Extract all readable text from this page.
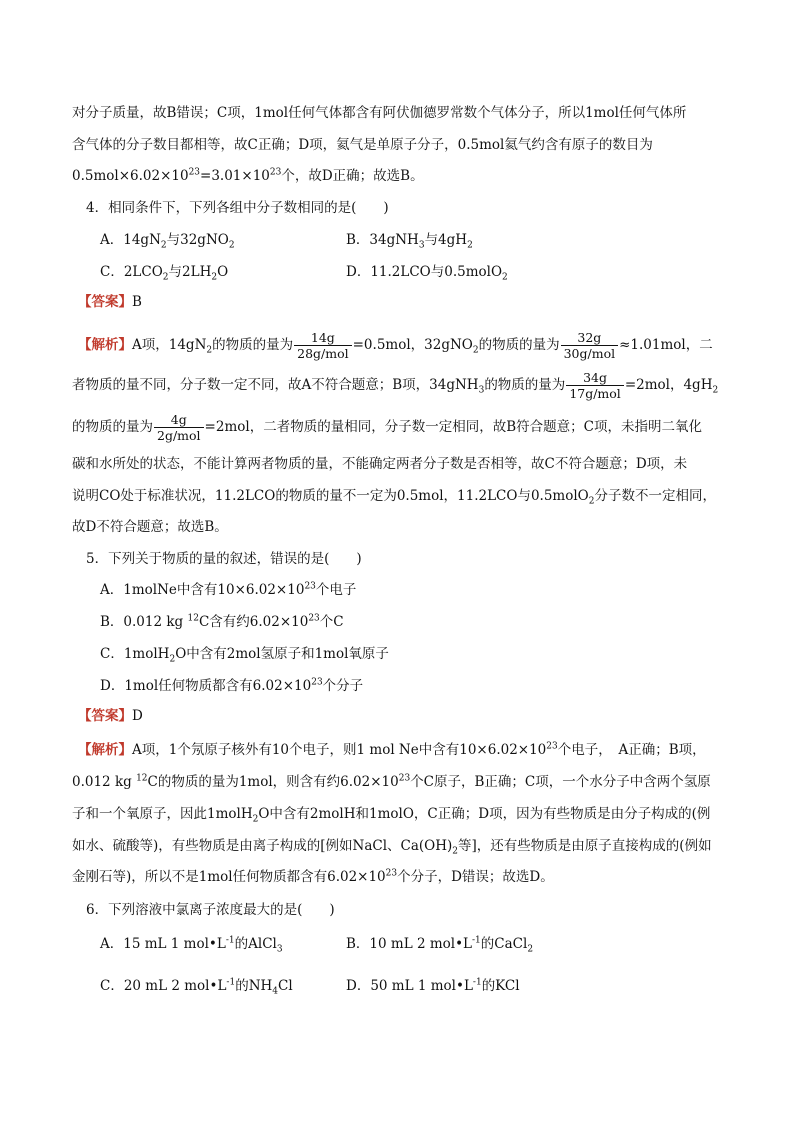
对分子质量，故B错误；C项，1mol任何气体都含有阿伏伽德罗常数个气体分子，所以1mol任何气体所
含气体的分子数目都相等，故C正确；D项，氦气是单原子分子，0.5mol氦气约含有原子的数目为
$0.5mol\times 6.02\times 10^{23}=3.01\times 10^{23}$个，故D正确；故选B。
4．相同条件下，下列各组中分子数相同的是(　　)
A．$14gN_2$与32gNO$_2$	B．34gNH$_3$与$4gH_2$
C．$2LCO_2$与$2LH_2O$	D．11.2LCO与0.5molO$_2$
【答案】B
【解析】A项，$14gN_2$的物质的量为 $\frac{14g}{\text{28g/mol}} =0.5mol$，32gNO$_2$的物质的量为 $\frac{32g}{\text{30g/mol}} \approx 1.01mol$，二
者物质的量不同，分子数一定不同，故A不符合题意；B项，34gNH$_3$的物质的量为 $\frac{34g}{\text{17g/mol}} =2mol$，$4gH_2$
的物质的量为 $\frac{4g}{\text{2g/mol}} =2mol$，二者物质的量相同，分子数一定相同，故B符合题意；C项，未指明二氧化
碳和水所处的状态，不能计算两者物质的量，不能确定两者分子数是否相等，故C不符合题意；D项，未
说明CO处于标准状况，11.2LCO的物质的量不一定为0.5mol，11.2LCO与0.5molO$_2$分子数不一定相同，
故D不符合题意；故选B。
5．下列关于物质的量的叙述，错误的是(　　)
A．1molNe中含有$10\times 6.02\times 10^{23}$个电子
B．0.012 kg $^{12}$C含有约$6.02\times 10^{23}$个C
C．1molH$_2$O中含有2mol氢原子和1mol氧原子
D．1mol任何物质都含有$6.02\times 10^{23}$个分子
【答案】D
【解析】A项，1个氖原子核外有10个电子，则1 mol Ne中含有$10\times 6.02\times 10^{23}$个电子，　A正确；B项，
0.012 kg $^{12}$C的物质的量为1mol，则含有约$6.02\times 10^{23}$个C原子，B正确；C项，一个水分子中含两个氢原
子和一个氧原子，因此1molH$_2$O中含有2molH和1molO，C正确；D项，因为有些物质是由分子构成的(例
如水、硫酸等)，有些物质是由离子构成的[例如NaCl、$Ca(OH)_2$等]，还有些物质是由原子直接构成的(例如
金刚石等)，所以不是1mol任何物质都含有$6.02\times 10^{23}$个分子，D错误；故选D。
6．下列溶液中氯离子浓度最大的是(　　)
A．15 mL 1 $mol•L^{-1}$的AlCl$_3$	B．10 mL 2 $mol•L^{-1}$的CaCl$_2$
C．20 mL 2 $mol•L^{-1}$的$NH_4Cl$	D．50 mL 1 $mol•L^{-1}$的KCl
